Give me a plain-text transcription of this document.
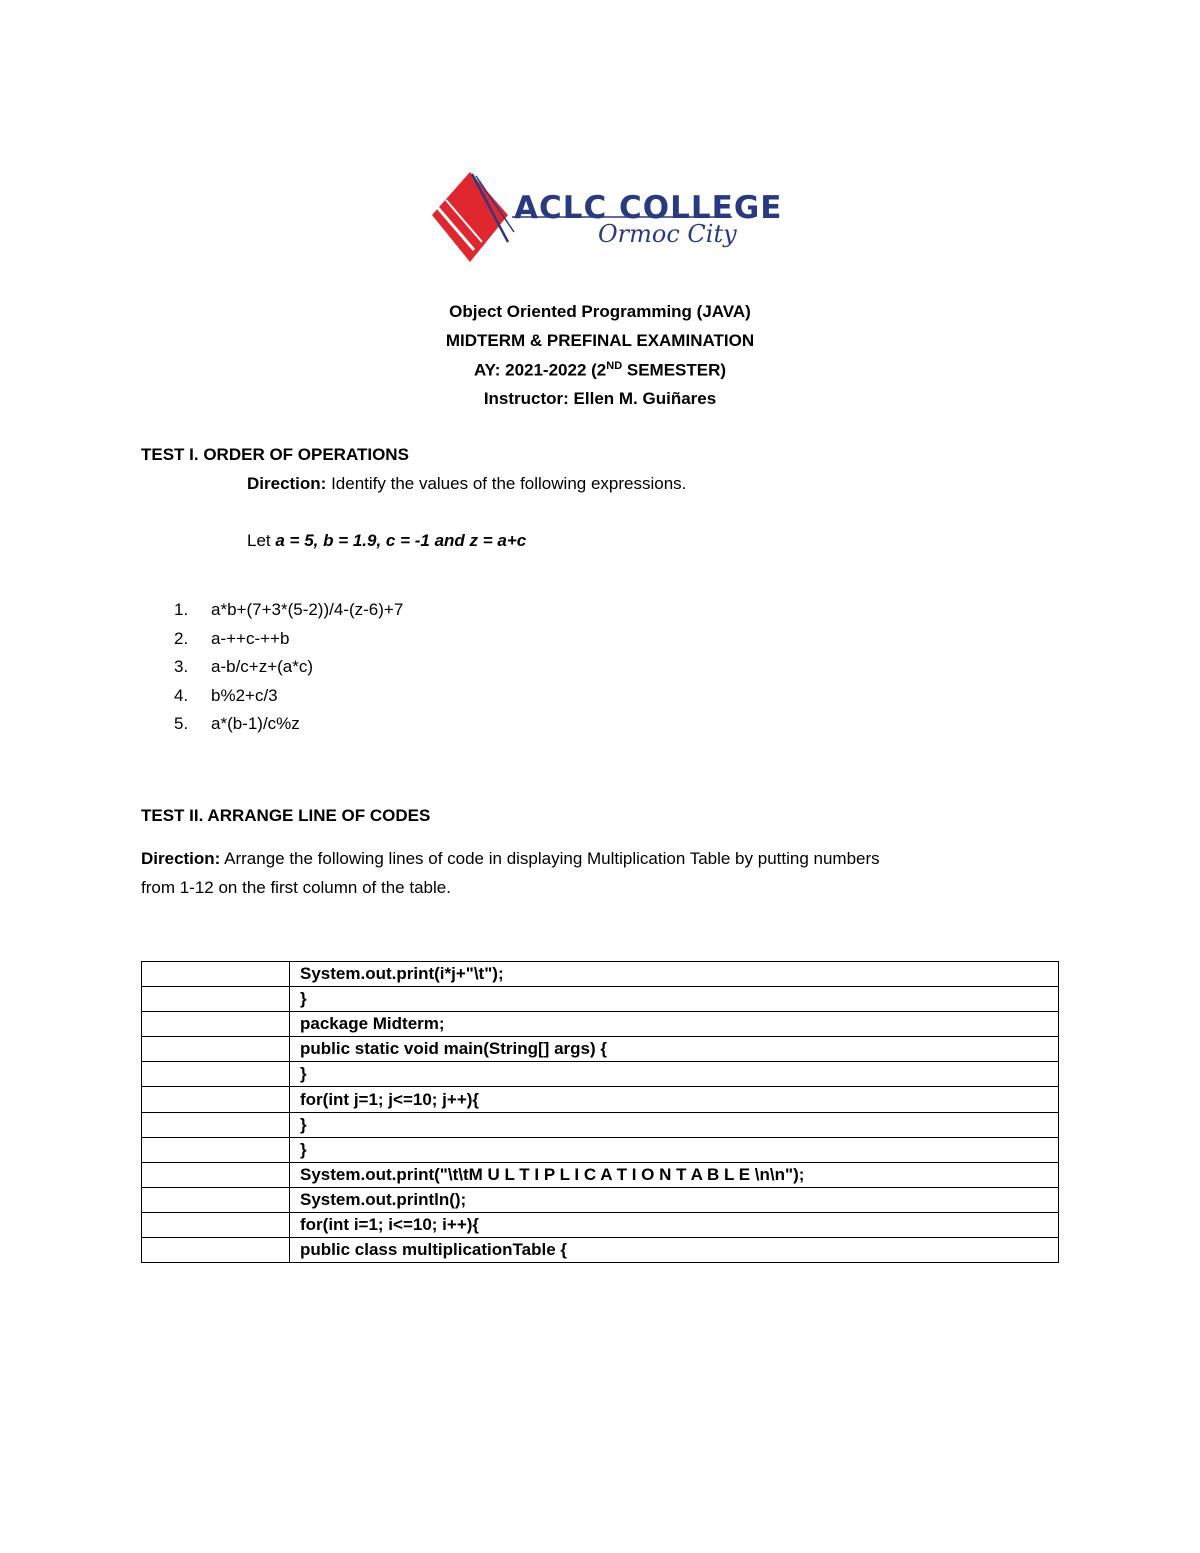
ACLC COLLEGE
Ormoc City
Object Oriented Programming (JAVA)
MIDTERM & PREFINAL EXAMINATION
AY: 2021-2022 (2ND SEMESTER)
Instructor: Ellen M. Guiñares
TEST I. ORDER OF OPERATIONS
Direction: Identify the values of the following expressions.
Let a = 5, b = 1.9, c = -1 and z = a+c
1.	a*b+(7+3*(5-2))/4-(z-6)+7
2.	a-++c-++b
3.	a-b/c+z+(a*c)
4.	b%2+c/3
5.	a*(b-1)/c%z
TEST II. ARRANGE LINE OF CODES
Direction: Arrange the following lines of code in displaying Multiplication Table by putting numbers
from 1-12 on the first column of the table.
	System.out.print(i*j+"\t");
	}
	package Midterm;
	public static void main(String[] args) {
	}
	for(int j=1; j<=10; j++){
	}
	}
	System.out.print("\t\tM U L T I P L I C A T I O N T A B L E \n\n");
	System.out.println();
	for(int i=1; i<=10; i++){
	public class multiplicationTable {
